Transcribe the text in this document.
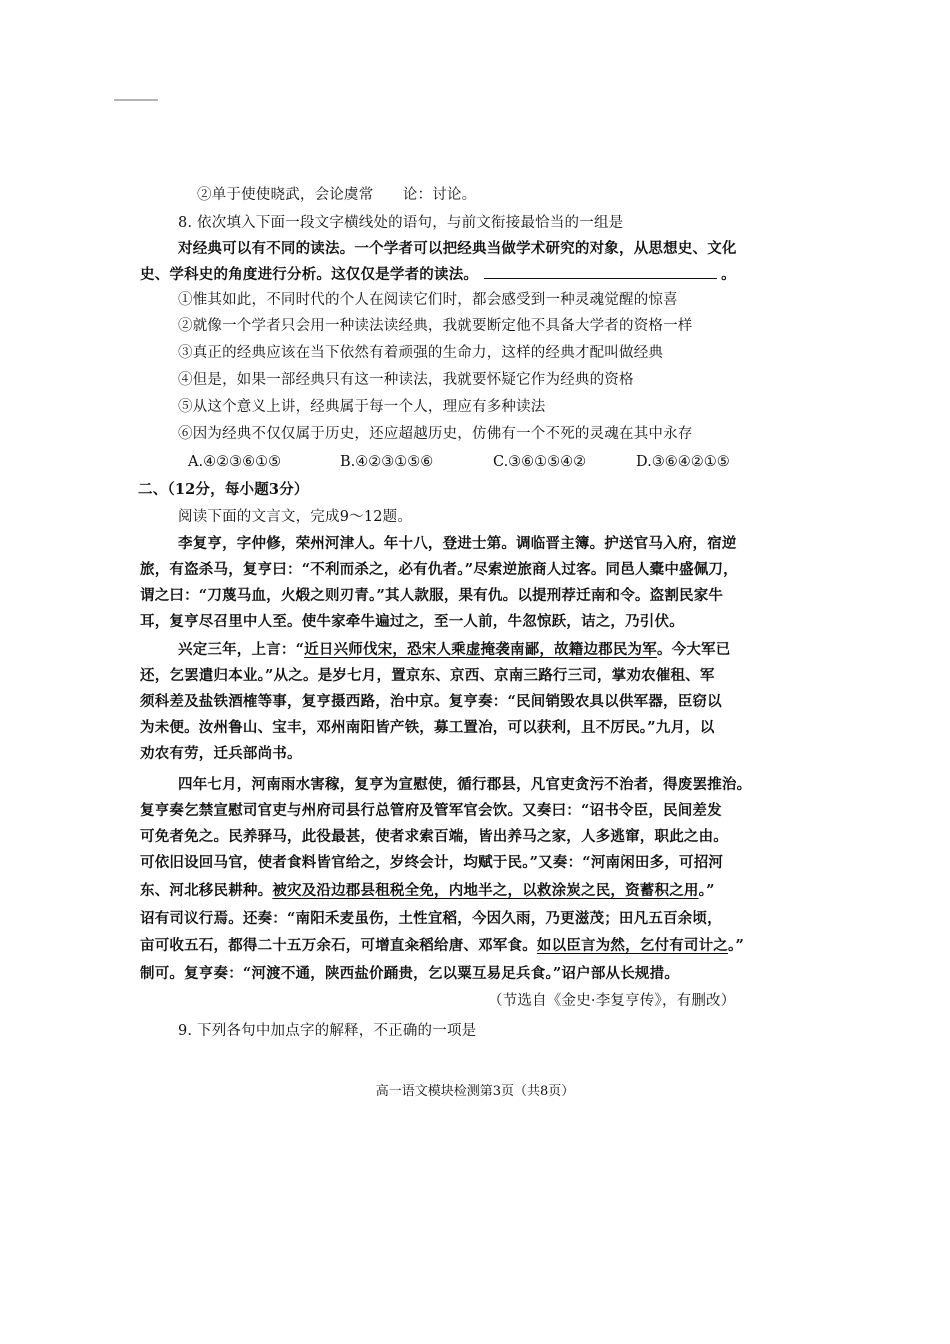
②单于使使晓武，会论虞常　　论：讨论。
8. 依次填入下面一段文字横线处的语句，与前文衔接最恰当的一组是
对经典可以有不同的读法。一个学者可以把经典当做学术研究的对象，从思想史、文化
史、学科史的角度进行分析。这仅仅是学者的读法。	。
①惟其如此，不同时代的个人在阅读它们时，都会感受到一种灵魂觉醒的惊喜
②就像一个学者只会用一种读法读经典，我就要断定他不具备大学者的资格一样
③真正的经典应该在当下依然有着顽强的生命力，这样的经典才配叫做经典
④但是，如果一部经典只有这一种读法，我就要怀疑它作为经典的资格
⑤从这个意义上讲，经典属于每一个人，理应有多种读法
⑥因为经典不仅仅属于历史，还应超越历史，仿佛有一个不死的灵魂在其中永存
A.④②③⑥①⑤	B.④②③①⑤⑥	C.③⑥①⑤④②	D.③⑥④②①⑤
二、（12分，每小题3分）
阅读下面的文言文，完成9～12题。
李复亨，字仲修，荣州河津人。年十八，登进士第。调临晋主簿。护送官马入府，宿逆
旅，有盗杀马，复亨曰：“不利而杀之，必有仇者。”尽索逆旅商人过客。同邑人橐中盛佩刀，
谓之曰：“刀蔑马血，火煅之则刃青。”其人款服，果有仇。以提刑荐迁南和令。盗割民家牛
耳，复亨尽召里中人至。使牛家牵牛遍过之，至一人前，牛忽惊跃，诘之，乃引伏。
兴定三年，上言：“近日兴师伐宋，恐宋人乘虚掩袭南鄙，故籍边郡民为军。今大军已
还，乞罢遣归本业。”从之。是岁七月，置京东、京西、京南三路行三司，掌劝农催租、军
须科差及盐铁酒榷等事，复亨摄西路，治中京。复亨奏：“民间销毁农具以供军器，臣窃以
为未便。汝州鲁山、宝丰，邓州南阳皆产铁，募工置冶，可以获利，且不厉民。”九月，以
劝农有劳，迁兵部尚书。
四年七月，河南雨水害稼，复亨为宣慰使，循行郡县，凡官吏贪污不治者，得废罢推治。
复亨奏乞禁宣慰司官吏与州府司县行总管府及管军官会饮。又奏曰：“诏书令臣，民间差发
可免者免之。民养驿马，此役最甚，使者求索百端，皆出养马之家，人多逃窜，职此之由。
可依旧设回马官，使者食料皆官给之，岁终会计，均赋于民。”又奏：“河南闲田多，可招河
东、河北移民耕种。被灾及沿边郡县租税全免，内地半之，以救涂炭之民，资蓄积之用。”
诏有司议行焉。还奏：“南阳禾麦虽伤，土性宜稻，今因久雨，乃更滋茂；田凡五百余顷，
亩可收五石，都得二十五万余石，可增直籴稻给唐、邓军食。如以臣言为然，乞付有司计之。”
制可。复亨奏：“河渡不通，陕西盐价踊贵，乞以粟互易足兵食。”诏户部从长规措。
（节选自《金史·李复亨传》，有删改）
9. 下列各句中加点字的解释，不正确的一项是
高一语文模块检测第3页（共8页）
